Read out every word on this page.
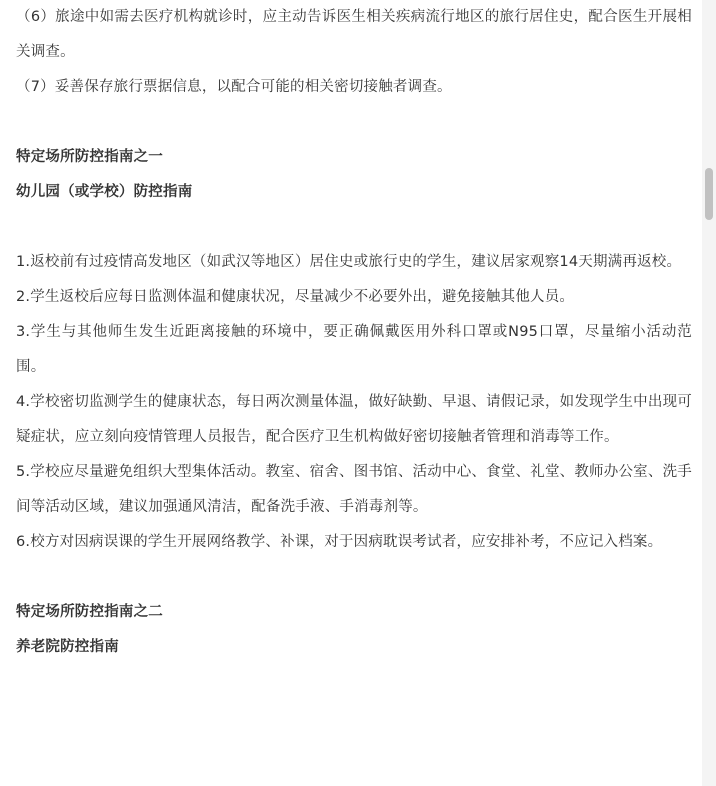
（6）旅途中如需去医疗机构就诊时，应主动告诉医生相关疾病流行地区的旅行居住史，配合医生开展相关调查。

（7）妥善保存旅行票据信息，以配合可能的相关密切接触者调查。

特定场所防控指南之一

幼儿园（或学校）防控指南

1.返校前有过疫情高发地区（如武汉等地区）居住史或旅行史的学生，建议居家观察14天期满再返校。

2.学生返校后应每日监测体温和健康状况，尽量减少不必要外出，避免接触其他人员。

3.学生与其他师生发生近距离接触的环境中，要正确佩戴医用外科口罩或N95口罩，尽量缩小活动范围。

4.学校密切监测学生的健康状态，每日两次测量体温，做好缺勤、早退、请假记录，如发现学生中出现可疑症状，应立刻向疫情管理人员报告，配合医疗卫生机构做好密切接触者管理和消毒等工作。

5.学校应尽量避免组织大型集体活动。教室、宿舍、图书馆、活动中心、食堂、礼堂、教师办公室、洗手间等活动区域，建议加强通风清洁，配备洗手液、手消毒剂等。

6.校方对因病误课的学生开展网络教学、补课，对于因病耽误考试者，应安排补考，不应记入档案。

特定场所防控指南之二

养老院防控指南
